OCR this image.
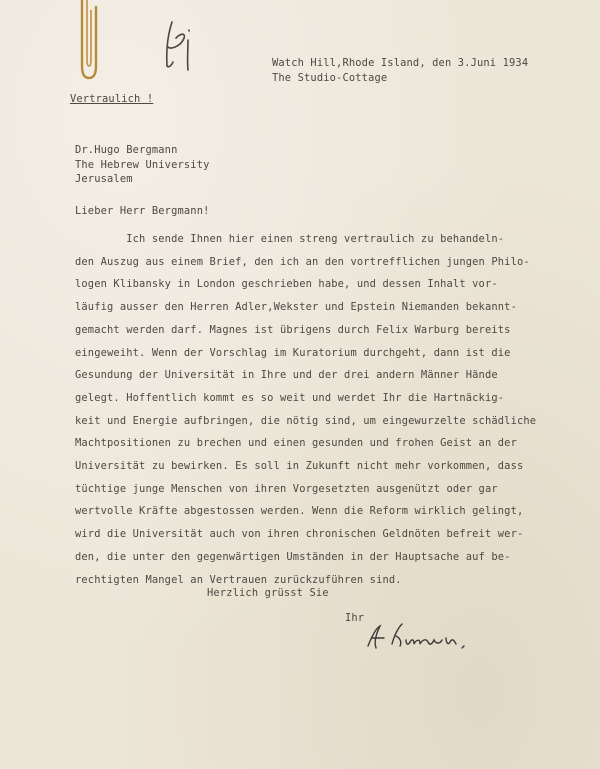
Watch Hill,Rhode Island, den 3.Juni 1934
The Studio-Cottage
Vertraulich !
Dr.Hugo Bergmann
The Hebrew University
Jerusalem
Lieber Herr Bergmann!
Ich sende Ihnen hier einen streng vertraulich zu behandeln-
den Auszug aus einem Brief, den ich an den vortrefflichen jungen Philo-
logen Klibansky in London geschrieben habe, und dessen Inhalt vor-
läufig ausser den Herren Adler,Wekster und Epstein Niemanden bekannt-
gemacht werden darf. Magnes ist übrigens durch Felix Warburg bereits
eingeweiht. Wenn der Vorschlag im Kuratorium durchgeht, dann ist die
Gesundung der Universität in Ihre und der drei andern Männer Hände
gelegt. Hoffentlich kommt es so weit und werdet Ihr die Hartnäckig-
keit und Energie aufbringen, die nötig sind, um eingewurzelte schädliche
Machtpositionen zu brechen und einen gesunden und frohen Geist an der
Universität zu bewirken. Es soll in Zukunft nicht mehr vorkommen, dass
tüchtige junge Menschen von ihren Vorgesetzten ausgenützt oder gar
wertvolle Kräfte abgestossen werden. Wenn die Reform wirklich gelingt,
wird die Universität auch von ihren chronischen Geldnöten befreit wer-
den, die unter den gegenwärtigen Umständen in der Hauptsache auf be-
rechtigten Mangel an Vertrauen zurückzuführen sind.
Herzlich grüsst Sie
Ihr
